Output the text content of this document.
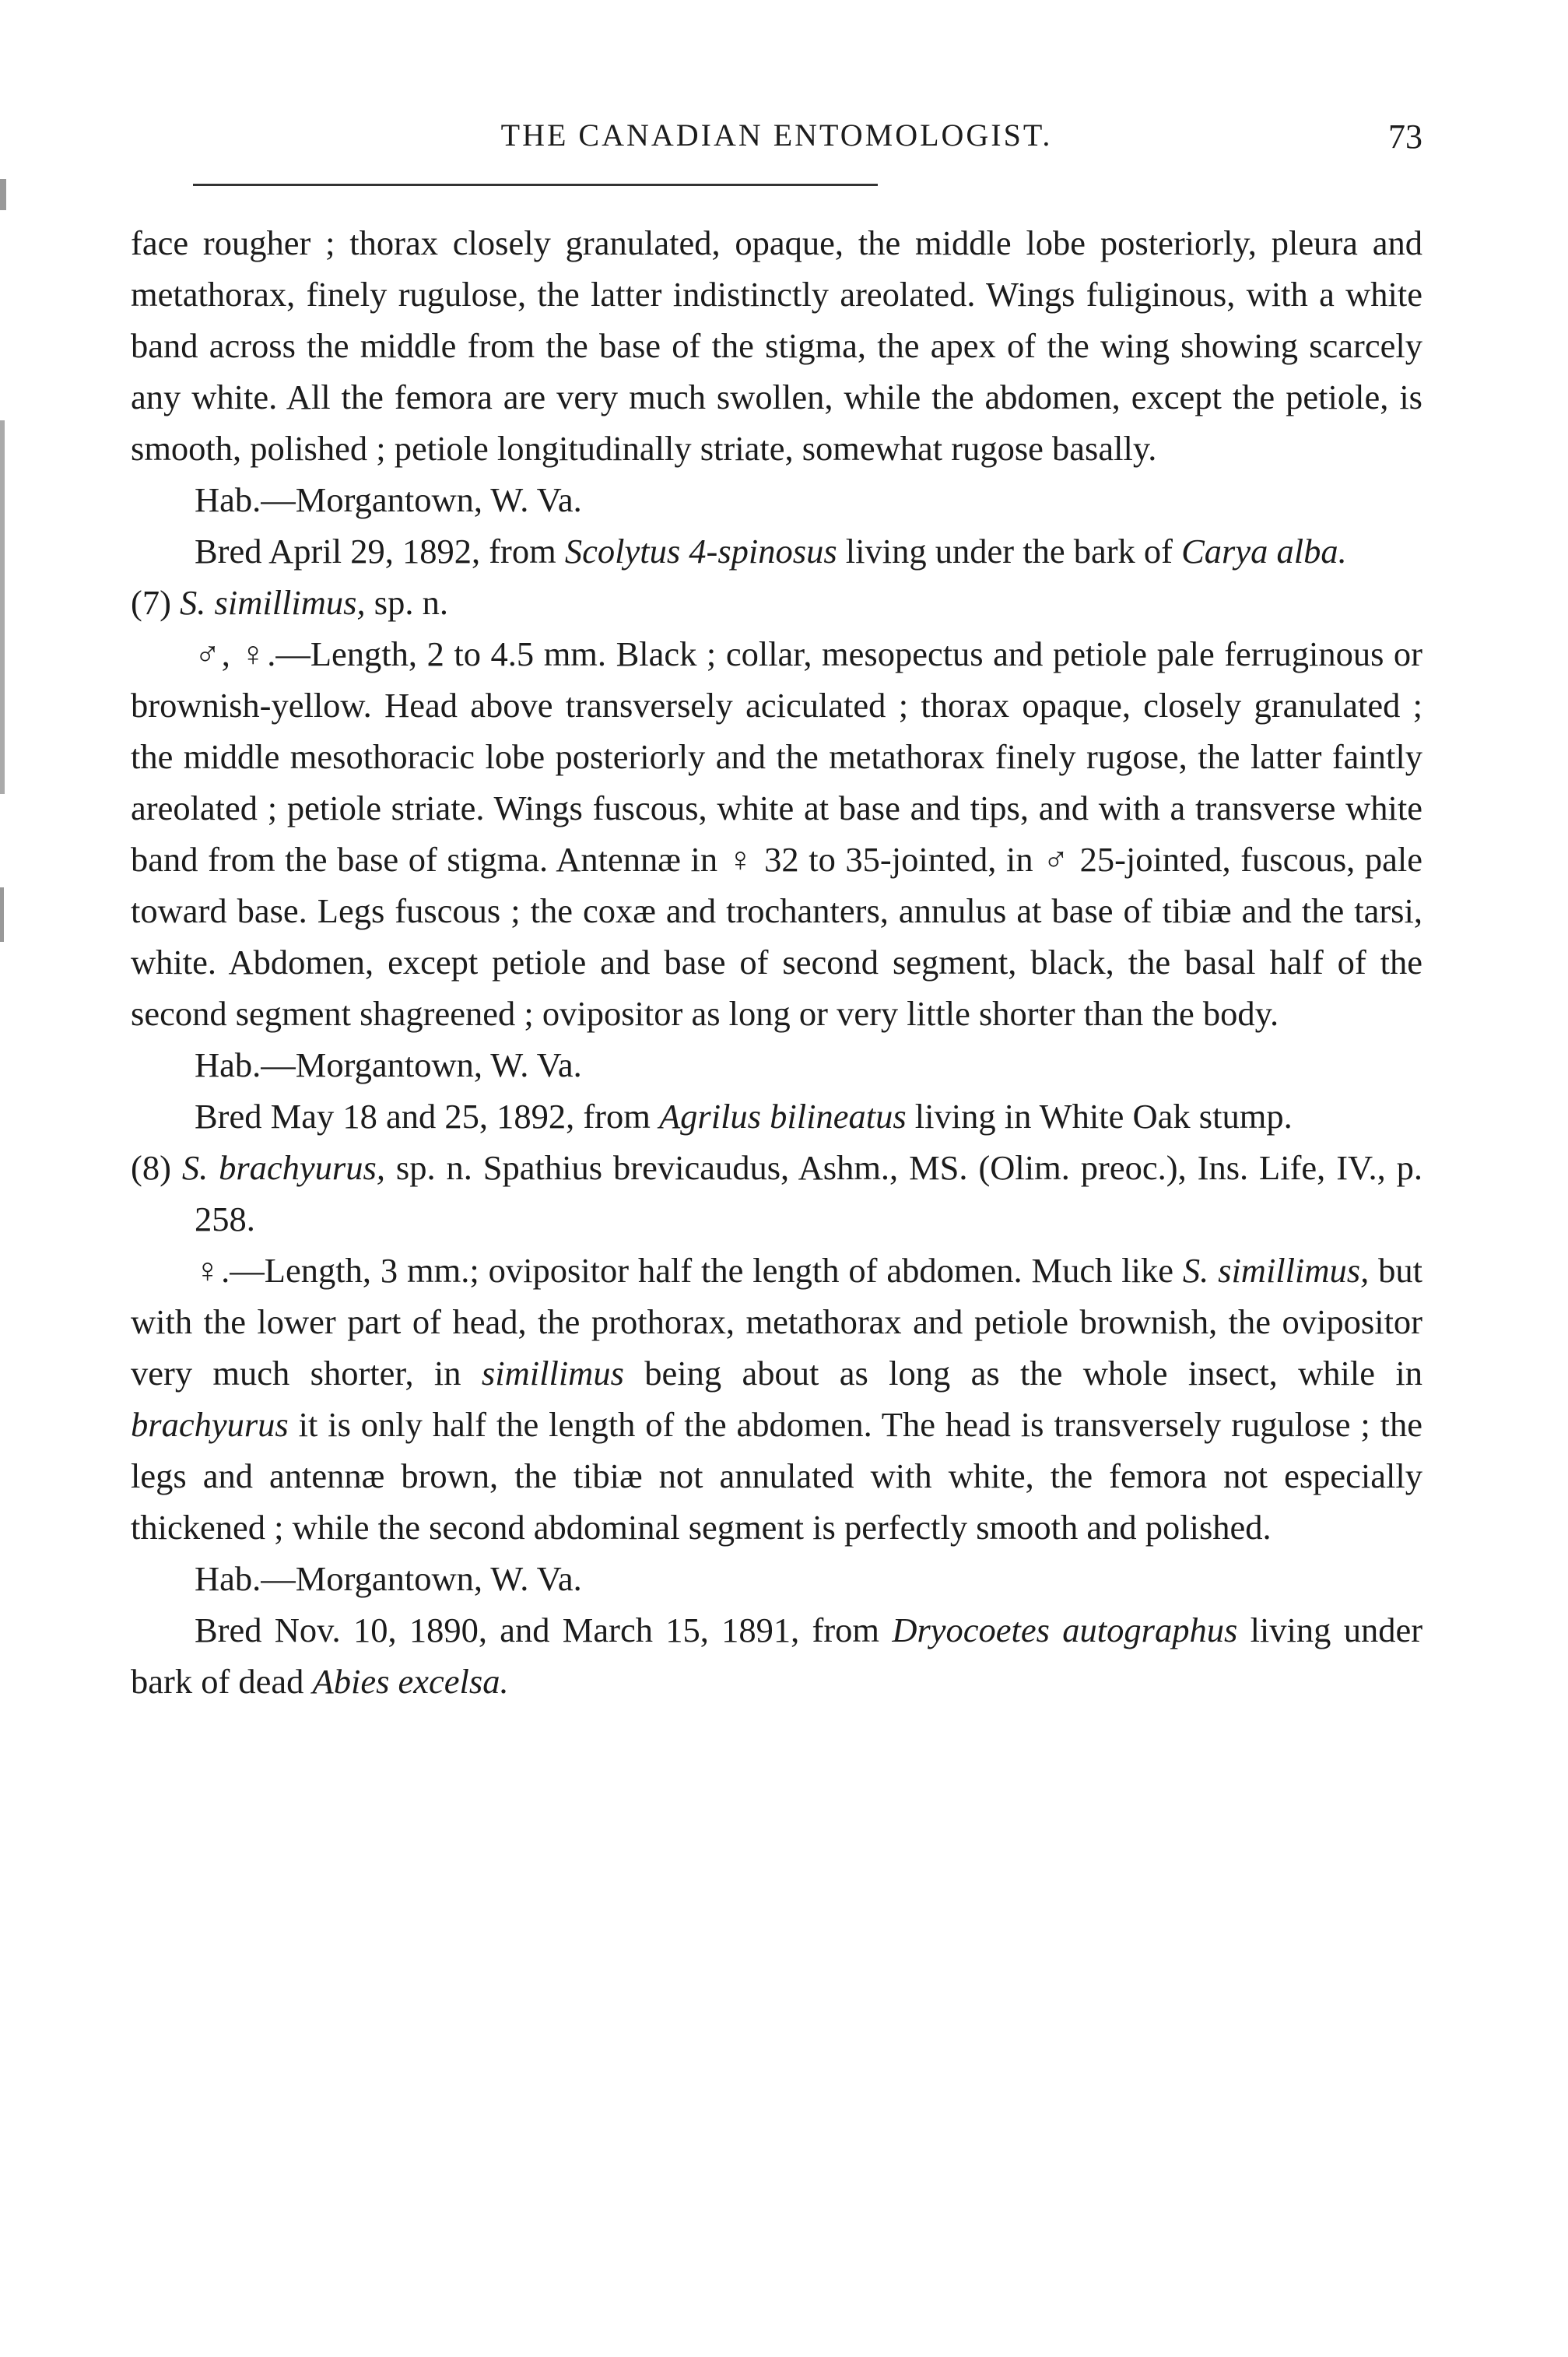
THE CANADIAN ENTOMOLOGIST.	73

face rougher ; thorax closely granulated, opaque, the middle lobe posteriorly, pleura and metathorax, finely rugulose, the latter indistinctly areolated. Wings fuliginous, with a white band across the middle from the base of the stigma, the apex of the wing showing scarcely any white. All the femora are very much swollen, while the abdomen, except the petiole, is smooth, polished ; petiole longitudinally striate, somewhat rugose basally.

Hab.—Morgantown, W. Va.

Bred April 29, 1892, from Scolytus 4-spinosus living under the bark of Carya alba.

(7) S. simillimus, sp. n.

♂, ♀.—Length, 2 to 4.5 mm. Black ; collar, mesopectus and petiole pale ferruginous or brownish-yellow. Head above transversely aciculated ; thorax opaque, closely granulated ; the middle mesothoracic lobe posteriorly and the metathorax finely rugose, the latter faintly areolated ; petiole striate. Wings fuscous, white at base and tips, and with a transverse white band from the base of stigma. Antennæ in ♀ 32 to 35-jointed, in ♂ 25-jointed, fuscous, pale toward base. Legs fuscous ; the coxæ and trochanters, annulus at base of tibiæ and the tarsi, white. Abdomen, except petiole and base of second segment, black, the basal half of the second segment shagreened ; ovipositor as long or very little shorter than the body.

Hab.—Morgantown, W. Va.

Bred May 18 and 25, 1892, from Agrilus bilineatus living in White Oak stump.

(8) S. brachyurus, sp. n. Spathius brevicaudus, Ashm., MS. (Olim. preoc.), Ins. Life, IV., p. 258.

♀.—Length, 3 mm.; ovipositor half the length of abdomen. Much like S. simillimus, but with the lower part of head, the prothorax, metathorax and petiole brownish, the ovipositor very much shorter, in simillimus being about as long as the whole insect, while in brachyurus it is only half the length of the abdomen. The head is transversely rugulose ; the legs and antennæ brown, the tibiæ not annulated with white, the femora not especially thickened ; while the second abdominal segment is perfectly smooth and polished.

Hab.—Morgantown, W. Va.

Bred Nov. 10, 1890, and March 15, 1891, from Dryocoetes autographus living under bark of dead Abies excelsa.
